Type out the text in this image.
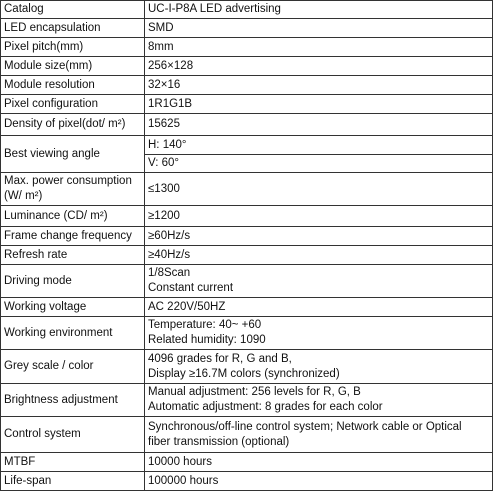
Catalog	UC-I-P8A LED advertising
LED encapsulation	SMD
Pixel pitch(mm)	8mm
Module size(mm)	256×128
Module resolution	32×16
Pixel configuration	1R1G1B
Density of pixel(dot/ m²)	15625
Best viewing angle	H: 140°
V: 60°

Max. power consumption (W/ m²)	≤1300
Luminance (CD/ m²)	≥1200
Frame change frequency	≥60Hz/s
Refresh rate	≥40Hz/s
Driving mode	1/8Scan
Constant current

Working voltage	AC 220V/50HZ
Working environment	Temperature: 40~ +60
Related humidity: 1090

Grey scale / color	4096 grades for R, G and B,
Display ≥16.7M colors (synchronized)

Brightness adjustment	Manual adjustment: 256 levels for R, G, B
Automatic adjustment: 8 grades for each color

Control system	Synchronous/off-line control system; Network cable or Optical
fiber transmission (optional)

MTBF	10000 hours
Life-span	100000 hours
